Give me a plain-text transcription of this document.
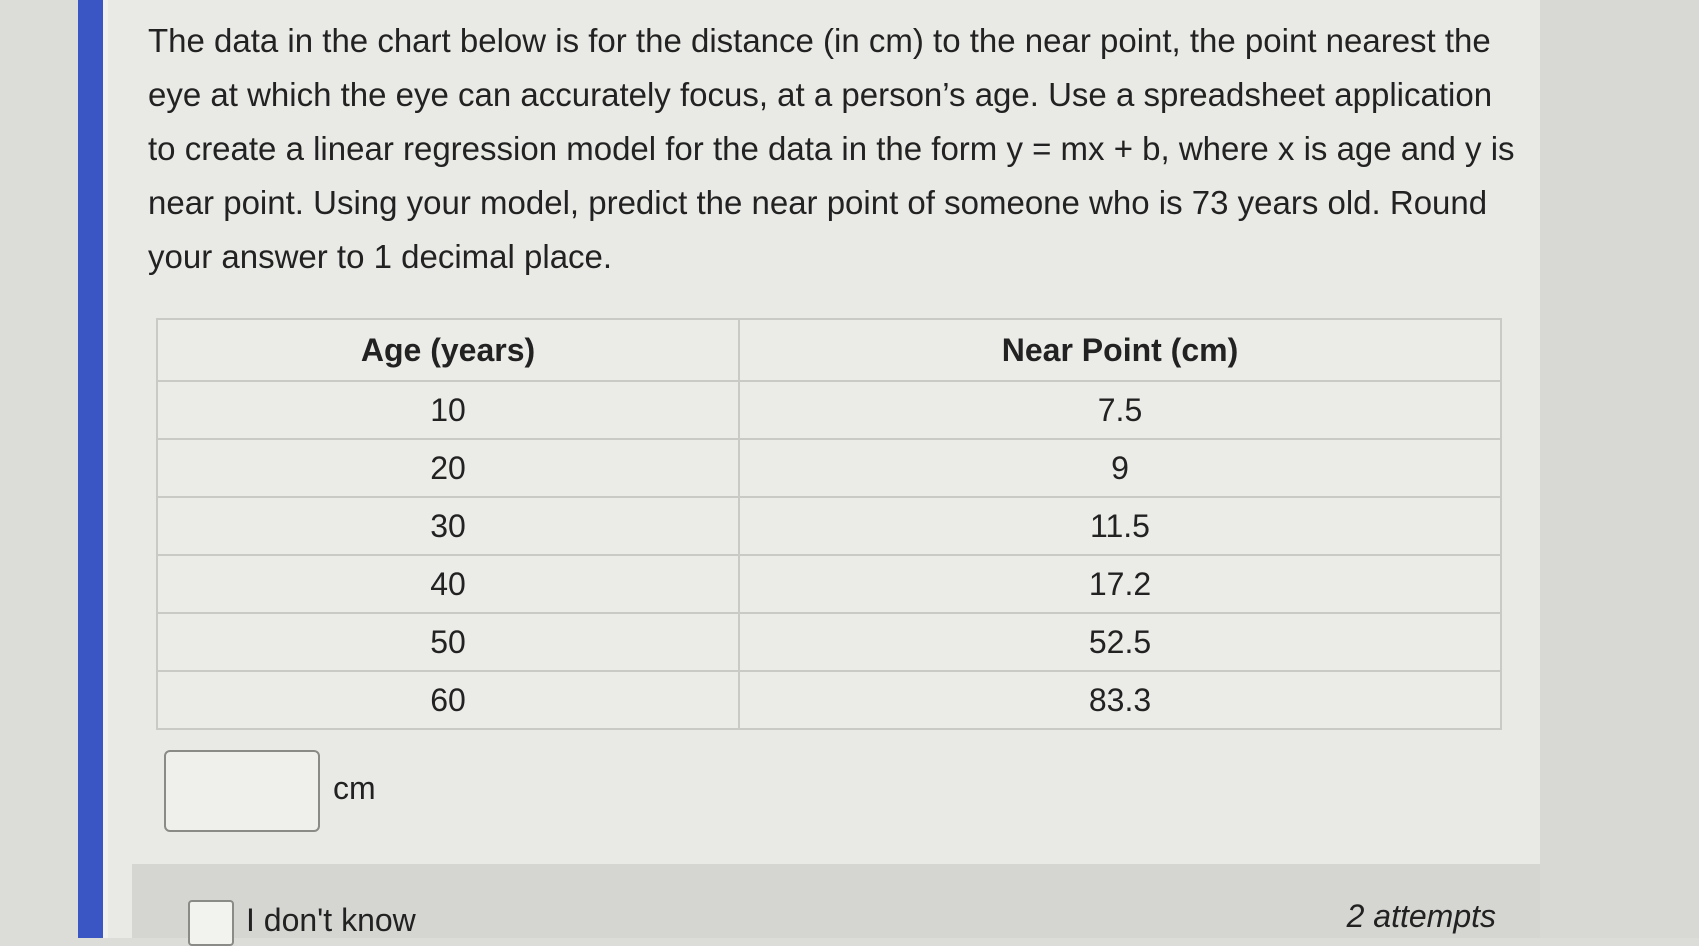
The data in the chart below is for the distance (in cm) to the near point, the point nearest the eye at which the eye can accurately focus, at a person’s age. Use a spreadsheet application to create a linear regression model for the data in the form y = mx + b, where x is age and y is near point. Using your model, predict the near point of someone who is 73 years old. Round your answer to 1 decimal place.
Age (years)	Near Point (cm)
10	7.5
20	9
30	11.5
40	17.2
50	52.5
60	83.3
cm
I don't know	2 attempts
